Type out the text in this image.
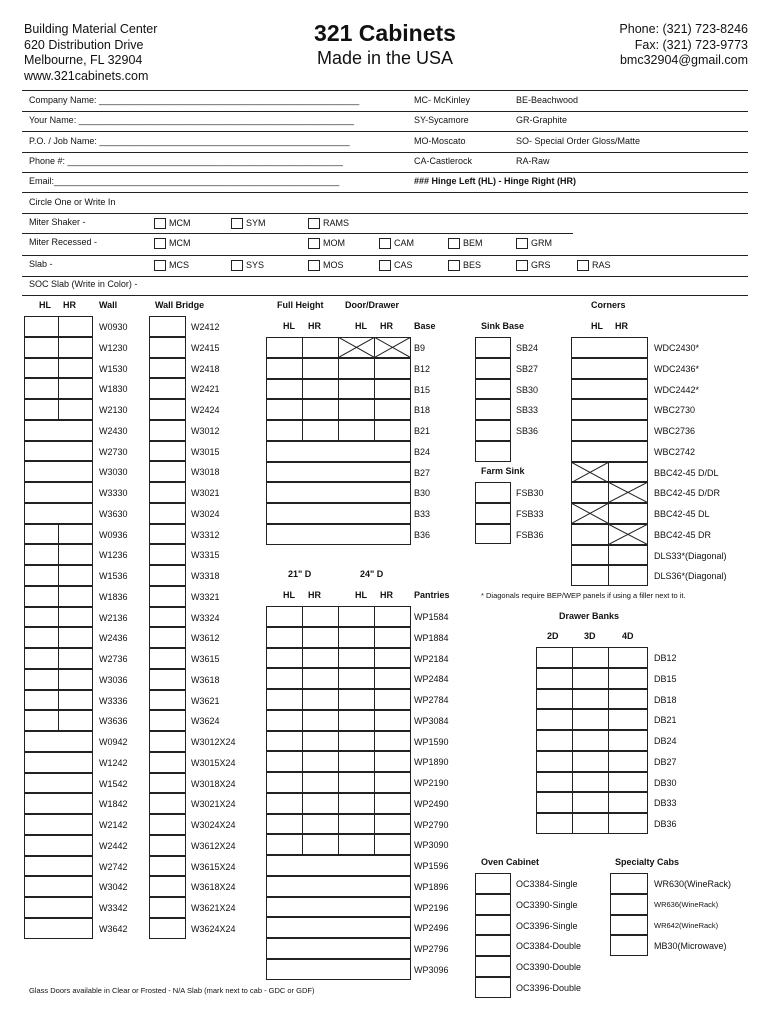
Building Material Center
620 Distribution Drive
Melbourne, FL 32904
www.321cabinets.com
321 Cabinets
Made in the USA
Phone: (321) 723-8246
Fax: (321) 723-9773
bmc32904@gmail.com
Company Name: ____________________________________________________
Your Name: _______________________________________________________
P.O. / Job Name: __________________________________________________
Phone #: _______________________________________________________
Email:_________________________________________________________
MC- McKinley	BE-Beachwood
SY-Sycamore	GR-Graphite
MO-Moscato	SO- Special Order Gloss/Matte
CA-Castlerock	RA-Raw
### Hinge Left (HL) - Hinge Right (HR)
Circle One or Write In
Miter Shaker -	MCM	SYM	RAMS
Miter Recessed -	MCM	MOM	CAM	BEM	GRM
Slab -	MCS	SYS	MOS	CAS	BES	GRS	RAS
SOC Slab (Write in Color) -
HL HR	Wall	Wall Bridge	Full Height Door/Drawer	Corners
W0930	W2412
W1230	W2415
W1530	W2418
W1830	W2421
W2130	W2424
W2430	W3012
W2730	W3015
W3030	W3018
W3330	W3021
W3630	W3024
W0936	W3312
W1236	W3315
W1536	W3318
W1836	W3321
W2136	W3324
W2436	W3612
W2736	W3615
W3036	W3618
W3336	W3621
W3636	W3624
W0942	W3012X24
W1242	W3015X24
W1542	W3018X24
W1842	W3021X24
W2142	W3024X24
W2442	W3612X24
W2742	W3615X24
W3042	W3618X24
W3342	W3621X24
W3642	W3624X24
HL HR	HL HR Base
B9
B12
B15
B18
B21
B24
B27
B30
B33
B36
Sink Base
SB24
SB27
SB30
SB33
SB36
Farm Sink
FSB30
FSB33
FSB36
HL HR
WDC2430*
WDC2436*
WDC2442*
WBC2730
WBC2736
WBC2742
BBC42-45 D/DL
BBC42-45 D/DR
BBC42-45 DL
BBC42-45 DR
DLS33*(Diagonal)
DLS36*(Diagonal)
21" D	24" D
HL HR	HL HR Pantries
WP1584
WP1884
WP2184
WP2484
WP2784
WP3084
WP1590
WP1890
WP2190
WP2490
WP2790
WP3090
WP1596
WP1896
WP2196
WP2496
WP2796
WP3096
* Diagonals require BEP/WEP panels if using a filler next to it.
Drawer Banks
2D	3D	4D
DB12
DB15
DB18
DB21
DB24
DB27
DB30
DB33
DB36
Oven Cabinet
OC3384-Single
OC3390-Single
OC3396-Single
OC3384-Double
OC3390-Double
OC3396-Double
Specialty Cabs
WR630(WineRack)
WR636(WineRack)
WR642(WineRack)
MB30(Microwave)
Glass Doors available in Clear or Frosted - N/A Slab (mark next to cab - GDC or GDF)
